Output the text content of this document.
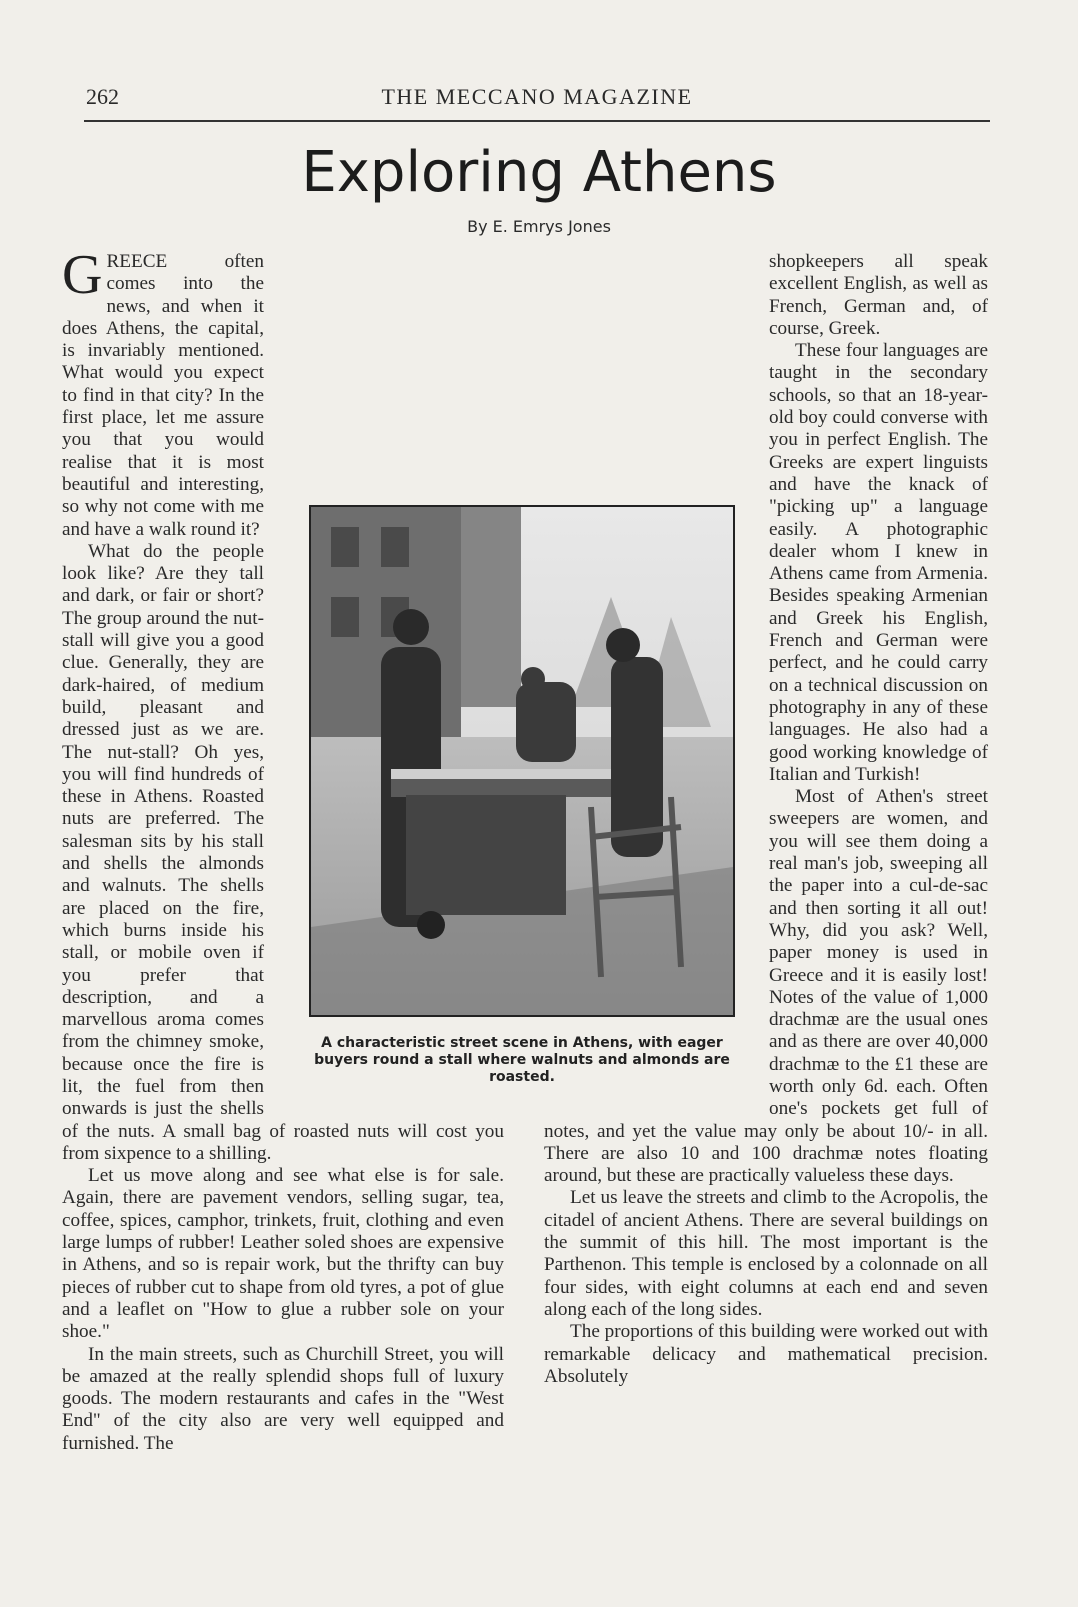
262	THE MECCANO MAGAZINE
Exploring Athens
By E. Emrys Jones

GREECE often comes into the news, and when it does Athens, the capital, is invariably mentioned. What would you expect to find in that city? In the first place, let me assure you that you would realise that it is most beautiful and interesting, so why not come with me and have a walk round it?

What do the people look like? Are they tall and dark, or fair or short? The group around the nut-stall will give you a good clue. Generally, they are dark-haired, of medium build, pleasant and dressed just as we are. The nut-stall? Oh yes, you will find hundreds of these in Athens. Roasted nuts are preferred. The salesman sits by his stall and shells the almonds and walnuts. The shells are placed on the fire, which burns inside his stall, or mobile oven if you prefer that description, and a marvellous aroma comes from the chimney smoke, because once the fire is lit, the fuel from then onwards is just the shells of the nuts. A small bag of roasted nuts will cost you from sixpence to a shilling.

Let us move along and see what else is for sale. Again, there are pavement vendors, selling sugar, tea, coffee, spices, camphor, trinkets, fruit, clothing and even large lumps of rubber! Leather soled shoes are expensive in Athens, and so is repair work, but the thrifty can buy pieces of rubber cut to shape from old tyres, a pot of glue and a leaflet on "How to glue a rubber sole on your shoe."

In the main streets, such as Churchill Street, you will be amazed at the really splendid shops full of luxury goods. The modern restaurants and cafes in the "West End" of the city also are very well equipped and furnished. The

shopkeepers all speak excellent English, as well as French, German and, of course, Greek.

These four languages are taught in the secondary schools, so that an 18-year-old boy could converse with you in perfect English. The Greeks are expert linguists and have the knack of "picking up" a language easily. A photographic dealer whom I knew in Athens came from Armenia. Besides speaking Armenian and Greek his English, French and German were perfect, and he could carry on a technical discussion on photography in any of these languages. He also had a good working knowledge of Italian and Turkish!

Most of Athen's street sweepers are women, and you will see them doing a real man's job, sweeping all the paper into a cul-de-sac and then sorting it all out! Why, did you ask? Well, paper money is used in Greece and it is easily lost! Notes of the value of 1,000 drachmæ are the usual ones and as there are over 40,000 drachmæ to the £1 these are worth only 6d. each. Often one's pockets get full of notes, and yet the value may only be about 10/- in all. There are also 10 and 100 drachmæ notes floating around, but these are practically valueless these days.

Let us leave the streets and climb to the Acropolis, the citadel of ancient Athens. There are several buildings on the summit of this hill. The most important is the Parthenon. This temple is enclosed by a colonnade on all four sides, with eight columns at each end and seven along each of the long sides.

The proportions of this building were worked out with remarkable delicacy and mathematical precision. Absolutely

A characteristic street scene in Athens, with eager buyers round a stall where walnuts and almonds are roasted.
